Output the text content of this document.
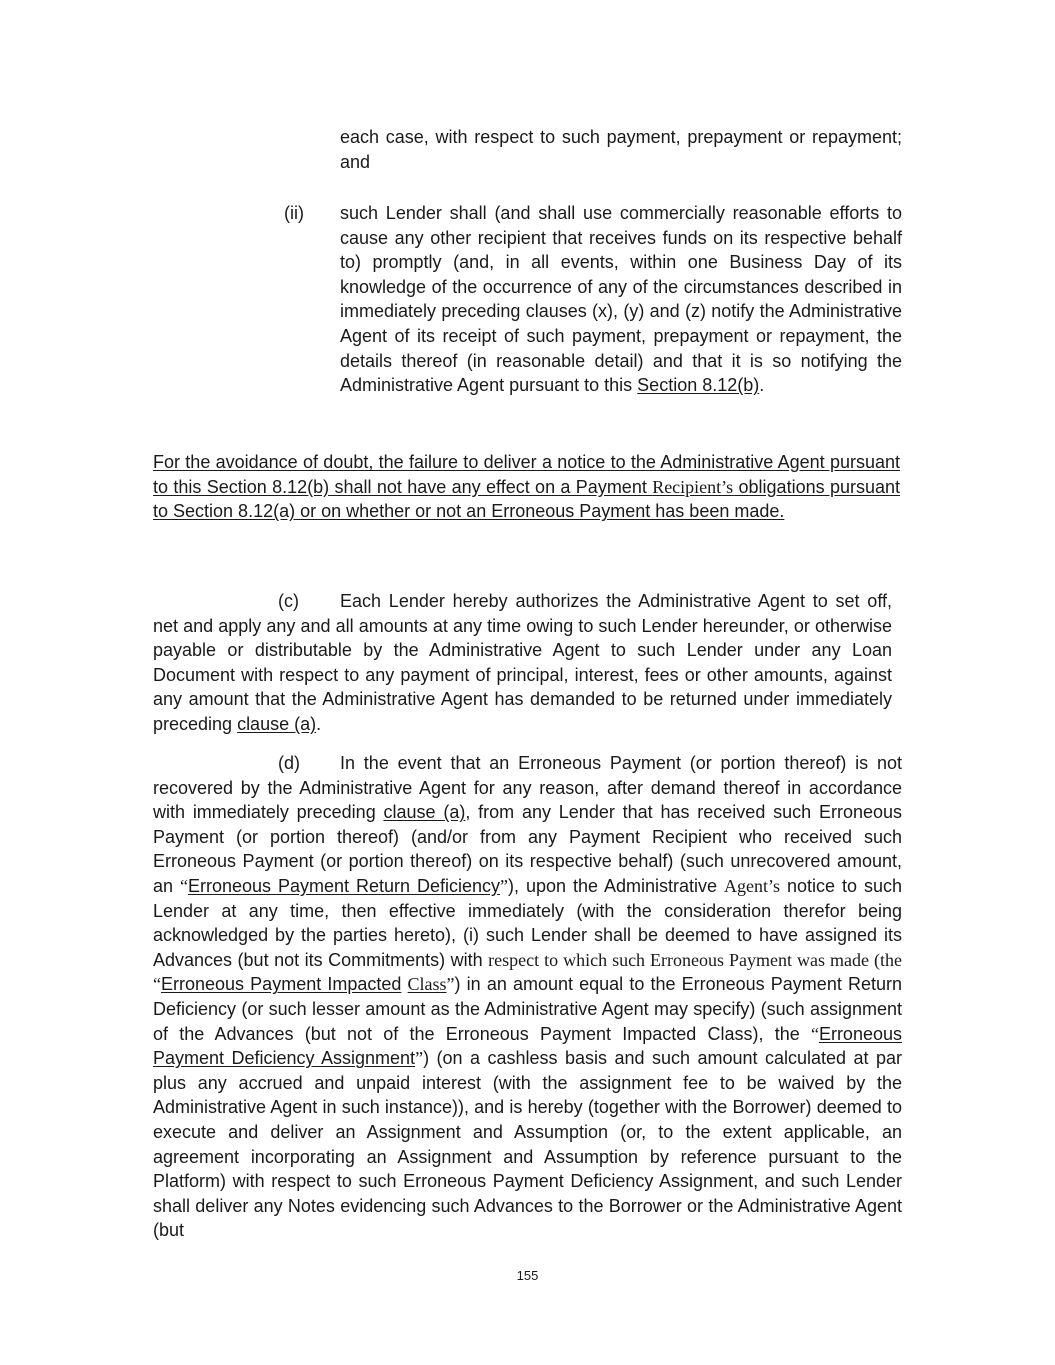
each case, with respect to such payment, prepayment or repayment; and
(ii) such Lender shall (and shall use commercially reasonable efforts to cause any other recipient that receives funds on its respective behalf to) promptly (and, in all events, within one Business Day of its knowledge of the occurrence of any of the circumstances described in immediately preceding clauses (x), (y) and (z) notify the Administrative Agent of its receipt of such payment, prepayment or repayment, the details thereof (in reasonable detail) and that it is so notifying the Administrative Agent pursuant to this Section 8.12(b).
For the avoidance of doubt, the failure to deliver a notice to the Administrative Agent pursuant to this Section 8.12(b) shall not have any effect on a Payment Recipient’s obligations pursuant to Section 8.12(a) or on whether or not an Erroneous Payment has been made.
(c)	Each Lender hereby authorizes the Administrative Agent to set off, net and apply any and all amounts at any time owing to such Lender hereunder, or otherwise payable or distributable by the Administrative Agent to such Lender under any Loan Document with respect to any payment of principal, interest, fees or other amounts, against any amount that the Administrative Agent has demanded to be returned under immediately preceding clause (a).
(d)	In the event that an Erroneous Payment (or portion thereof) is not recovered by the Administrative Agent for any reason, after demand thereof in accordance with immediately preceding clause (a), from any Lender that has received such Erroneous Payment (or portion thereof) (and/or from any Payment Recipient who received such Erroneous Payment (or portion thereof) on its respective behalf) (such unrecovered amount, an “Erroneous Payment Return Deficiency”), upon the Administrative Agent’s notice to such Lender at any time, then effective immediately (with the consideration therefor being acknowledged by the parties hereto), (i) such Lender shall be deemed to have assigned its Advances (but not its Commitments) with respect to which such Erroneous Payment was made (the “Erroneous Payment Impacted Class”) in an amount equal to the Erroneous Payment Return Deficiency (or such lesser amount as the Administrative Agent may specify) (such assignment of the Advances (but not of the Erroneous Payment Impacted Class), the “Erroneous Payment Deficiency Assignment”) (on a cashless basis and such amount calculated at par plus any accrued and unpaid interest (with the assignment fee to be waived by the Administrative Agent in such instance)), and is hereby (together with the Borrower) deemed to execute and deliver an Assignment and Assumption (or, to the extent applicable, an agreement incorporating an Assignment and Assumption by reference pursuant to the Platform) with respect to such Erroneous Payment Deficiency Assignment, and such Lender shall deliver any Notes evidencing such Advances to the Borrower or the Administrative Agent (but
155
